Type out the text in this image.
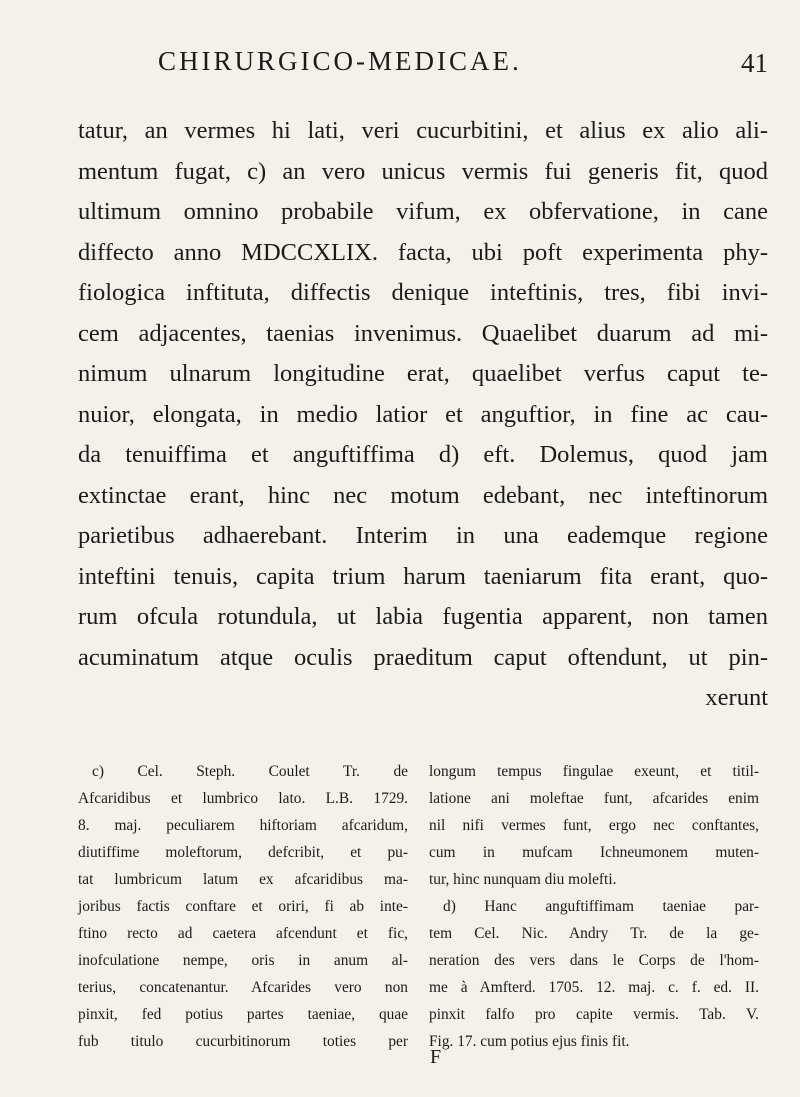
CHIRURGICO-MEDICAE.	41
tatur, an vermes hi lati, veri cucurbitini, et alius ex alio ali-
mentum fugat, c) an vero unicus vermis fui generis fit, quod
ultimum omnino probabile vifum, ex obfervatione, in cane
diffecto anno MDCCXLIX. facta, ubi poft experimenta phy-
fiologica inftituta, diffectis denique inteftinis, tres, fibi invi-
cem adjacentes, taenias invenimus. Quaelibet duarum ad mi-
nimum ulnarum longitudine erat, quaelibet verfus caput te-
nuior, elongata, in medio latior et anguftior, in fine ac cau-
da tenuiffima et anguftiffima d) eft. Dolemus, quod jam
extinctae erant, hinc nec motum edebant, nec inteftinorum
parietibus adhaerebant. Interim in una eademque regione
inteftini tenuis, capita trium harum taeniarum fita erant, quo-
rum ofcula rotundula, ut labia fugentia apparent, non tamen
acuminatum atque oculis praeditum caput oftendunt, ut pin-
xerunt
c) Cel. Steph. Coulet Tr. de
Afcaridibus et lumbrico lato. L.B. 1729.
8. maj. peculiarem hiftoriam afcaridum,
diutiffime moleftorum, defcribit, et pu-
tat lumbricum latum ex afcaridibus ma-
joribus factis conftare et oriri, fi ab inte-
ftino recto ad caetera afcendunt et fic,
inofculatione nempe, oris in anum al-
terius, concatenantur. Afcarides vero non
pinxit, fed potius partes taeniae, quae
fub titulo cucurbitinorum toties per
longum tempus fingulae exeunt, et titil-
latione ani moleftae funt, afcarides enim
nil nifi vermes funt, ergo nec conftantes,
cum in mufcam Ichneumonem muten-
tur, hinc nunquam diu molefti.
d) Hanc anguftiffimam taeniae par-
tem Cel. Nic. Andry Tr. de la ge-
neration des vers dans le Corps de l'hom-
me à Amfterd. 1705. 12. maj. c. f. ed. II.
pinxit falfo pro capite vermis. Tab. V.
Fig. 17. cum potius ejus finis fit.
F
